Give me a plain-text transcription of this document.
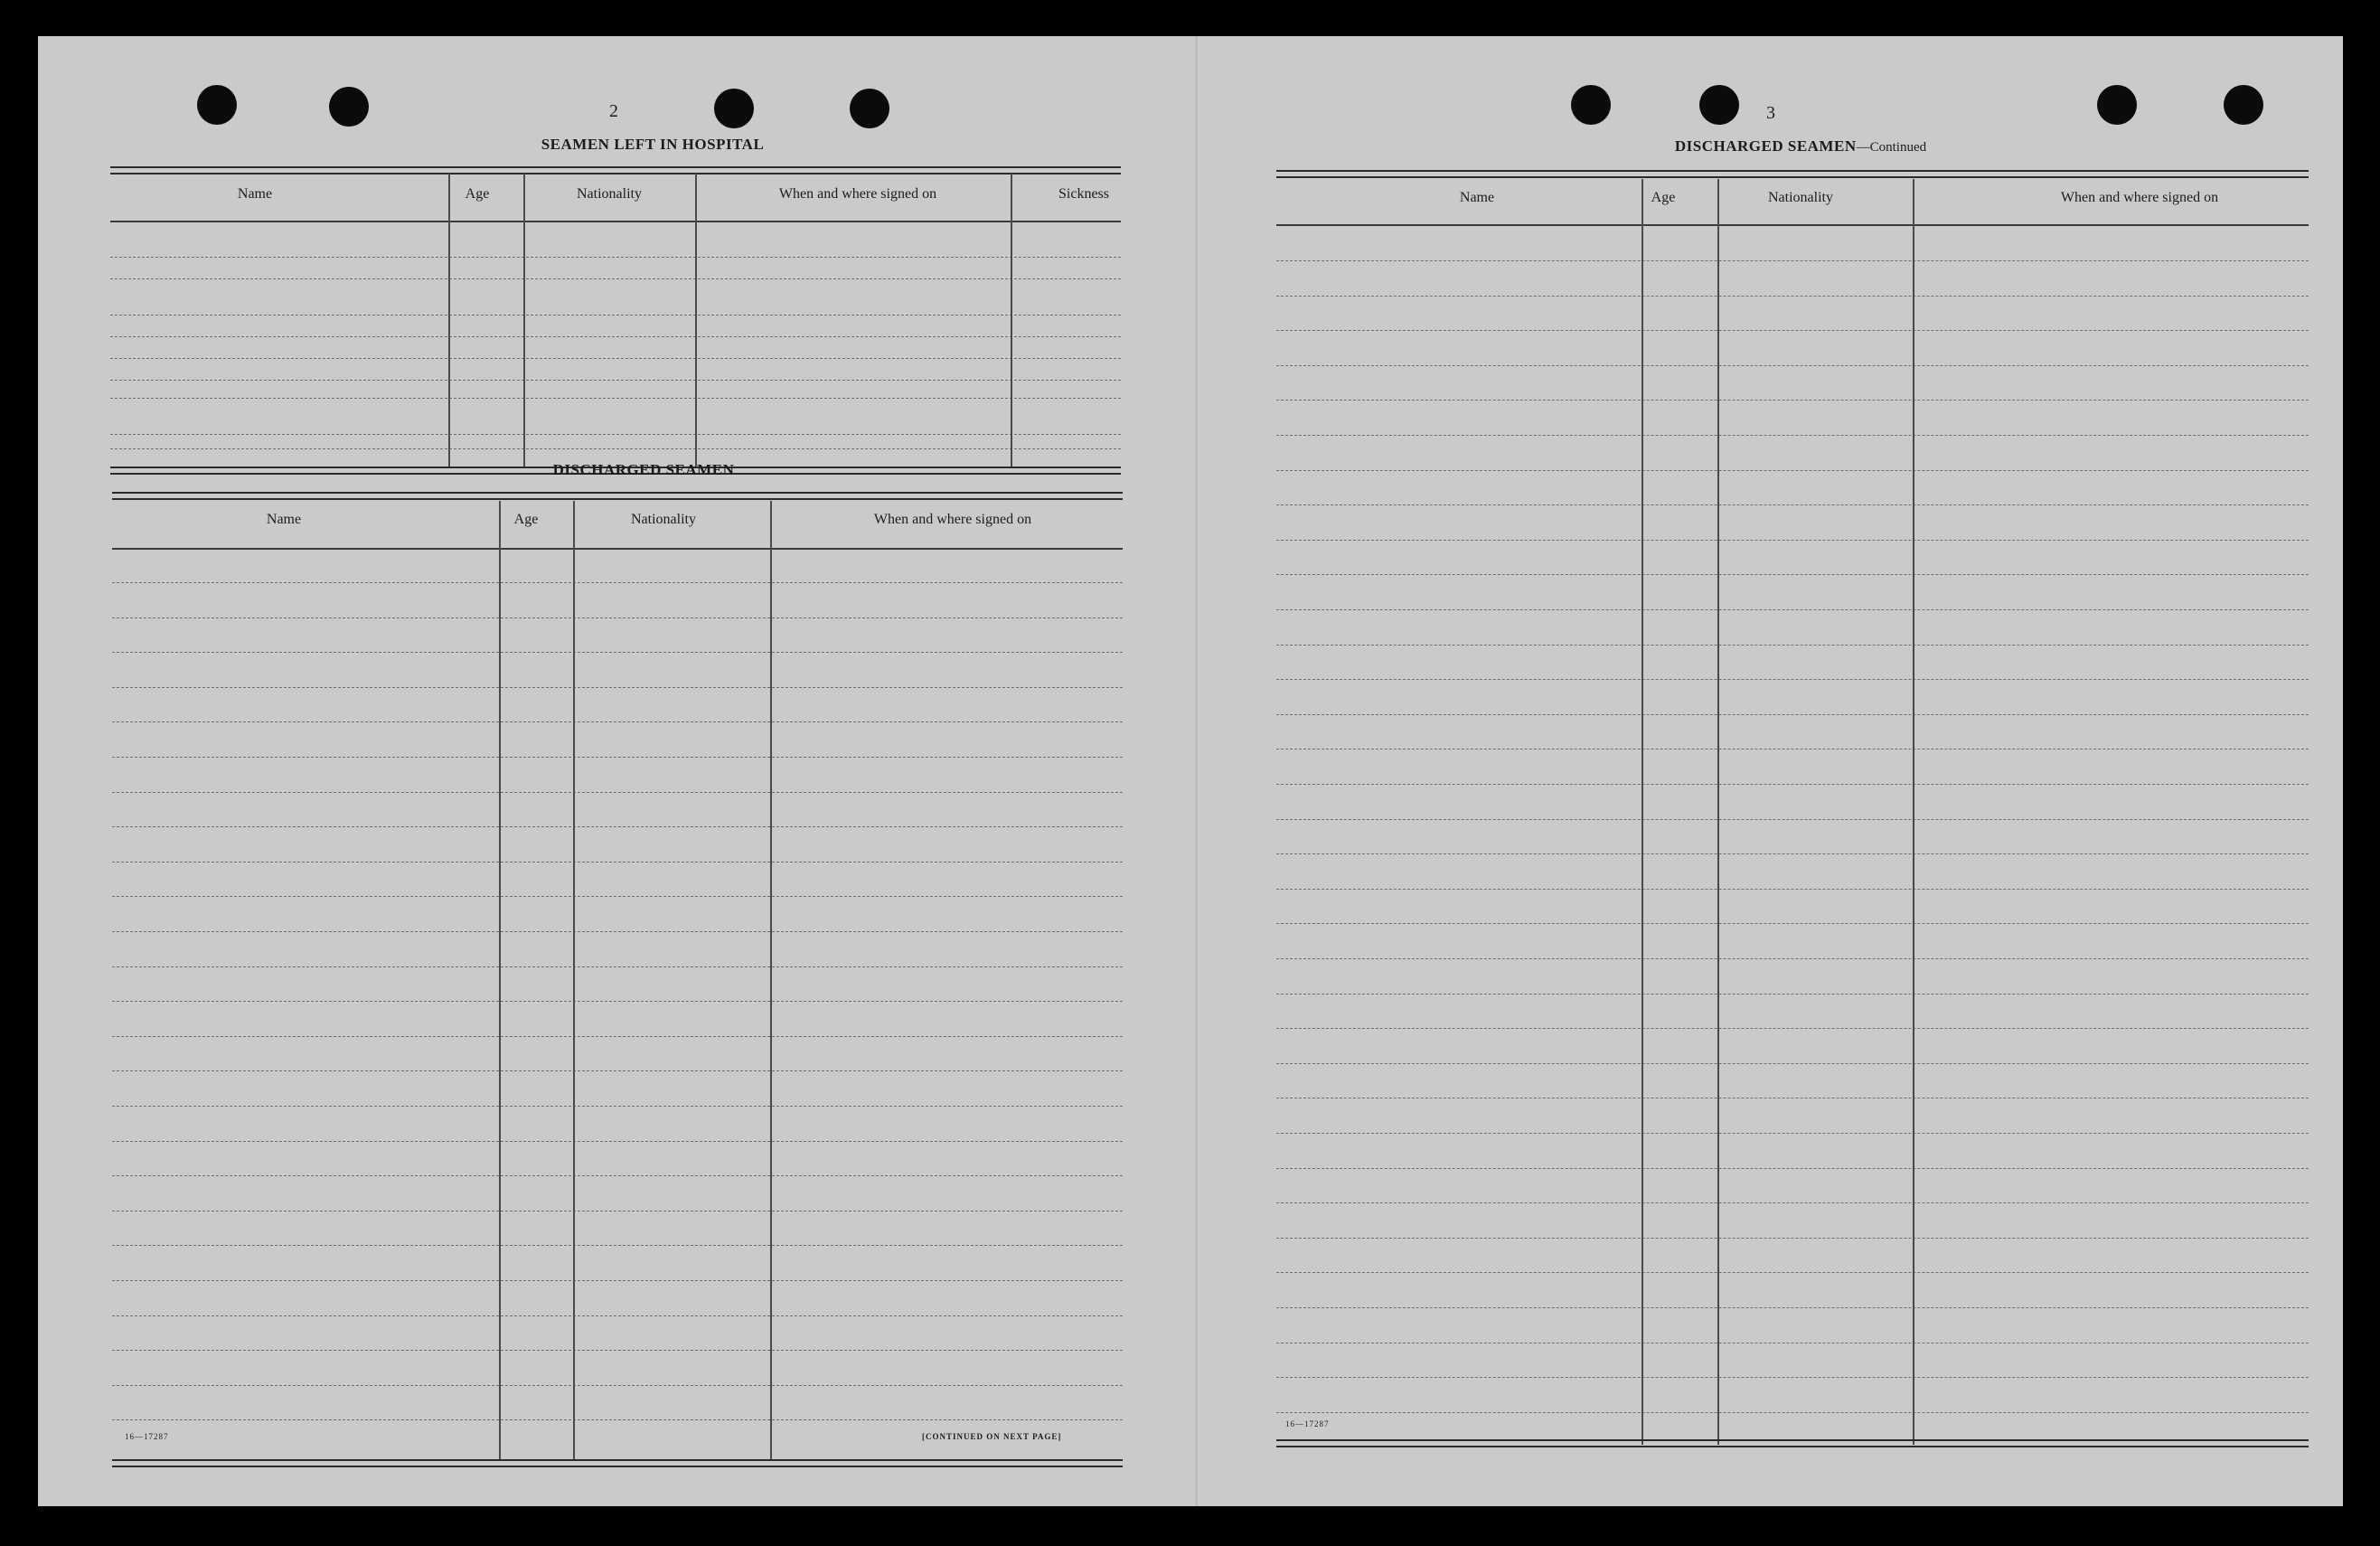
2
SEAMEN LEFT IN HOSPITAL
Name	Age	Nationality	When and where signed on	Sickness
DISCHARGED SEAMEN
Name	Age	Nationality	When and where signed on
16—17287	[CONTINUED ON NEXT PAGE]
3
DISCHARGED SEAMEN—Continued
Name	Age	Nationality	When and where signed on
16—17287
